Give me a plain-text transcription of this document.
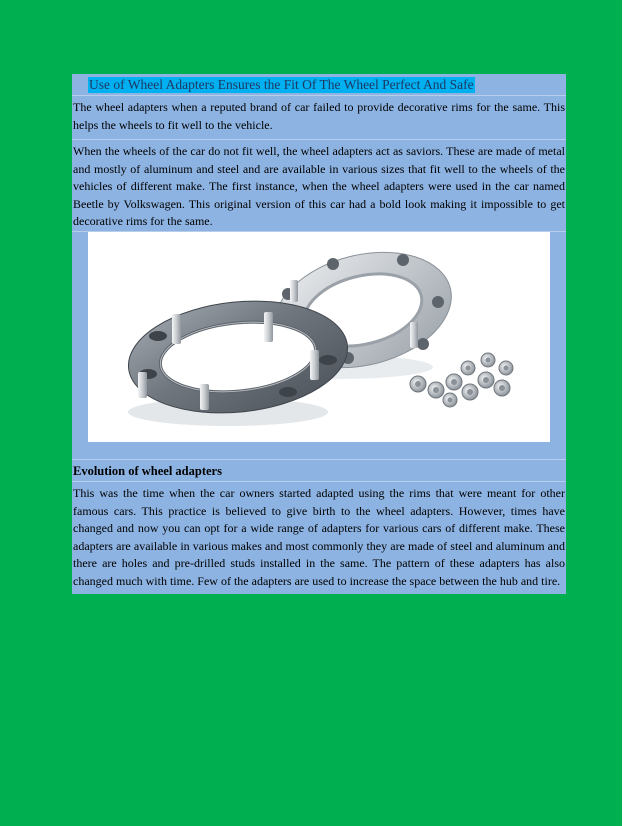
Use of Wheel Adapters Ensures the Fit Of The Wheel Perfect And Safe
The wheel adapters when a reputed brand of car failed to provide decorative rims for the same. This helps the wheels to fit well to the vehicle.
When the wheels of the car do not fit well, the wheel adapters act as saviors. These are made of metal and mostly of aluminum and steel and are available in various sizes that fit well to the wheels of the vehicles of different make. The first instance, when the wheel adapters were used in the car named Beetle by Volkswagen. This original version of this car had a bold look making it impossible to get decorative rims for the same.
Evolution of wheel adapters
This was the time when the car owners started adapted using the rims that were meant for other famous cars. This practice is believed to give birth to the wheel adapters. However, times have changed and now you can opt for a wide range of adapters for various cars of different make. These adapters are available in various makes and most commonly they are made of steel and aluminum and there are holes and pre-drilled studs installed in the same. The pattern of these adapters has also changed much with time. Few of the adapters are used to increase the space between the hub and tire.
